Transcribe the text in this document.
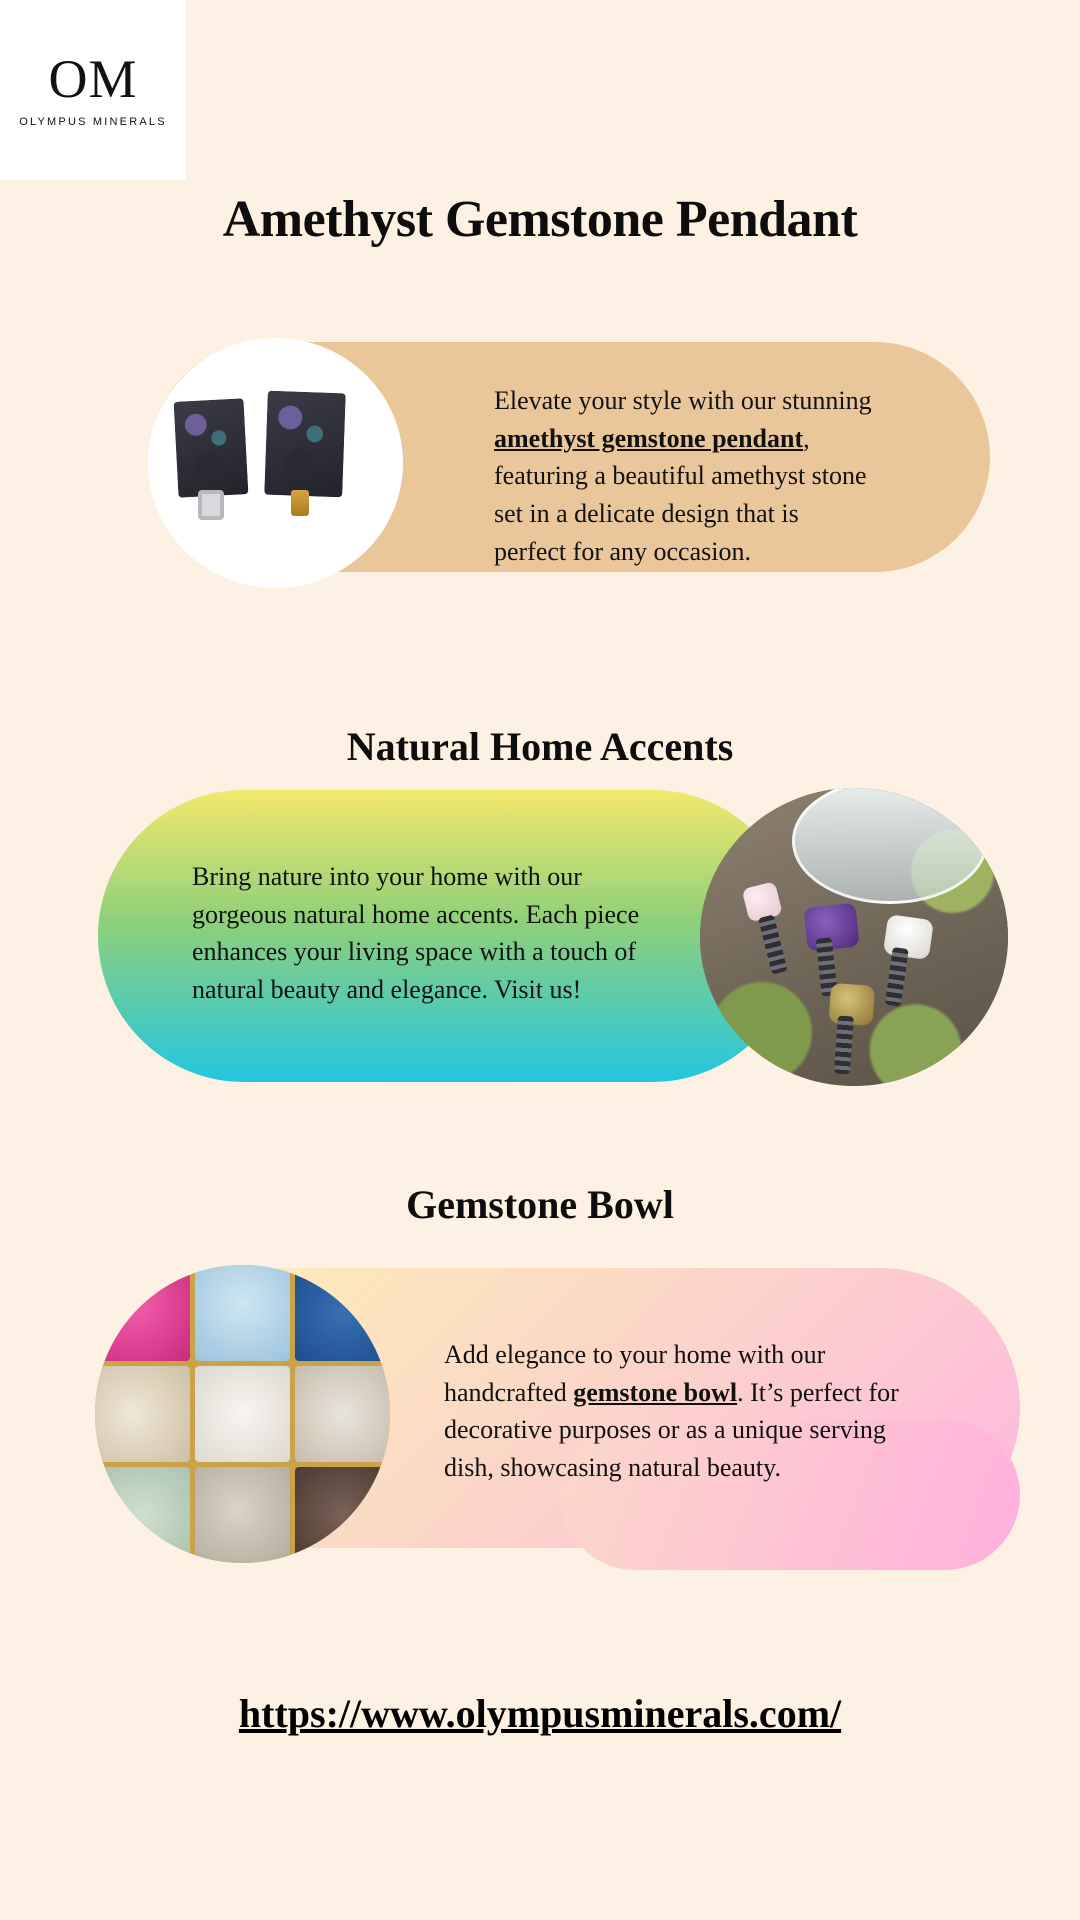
OM
OLYMPUS MINERALS
Amethyst Gemstone Pendant

Elevate your style with our stunning amethyst gemstone pendant, featuring a beautiful amethyst stone set in a delicate design that is perfect for any occasion.

Natural Home Accents

Bring nature into your home with our gorgeous natural home accents. Each piece enhances your living space with a touch of natural beauty and elegance. Visit us!

Gemstone Bowl

Add elegance to your home with our handcrafted gemstone bowl. It’s perfect for decorative purposes or as a unique serving dish, showcasing natural beauty.

https://www.olympusminerals.com/
